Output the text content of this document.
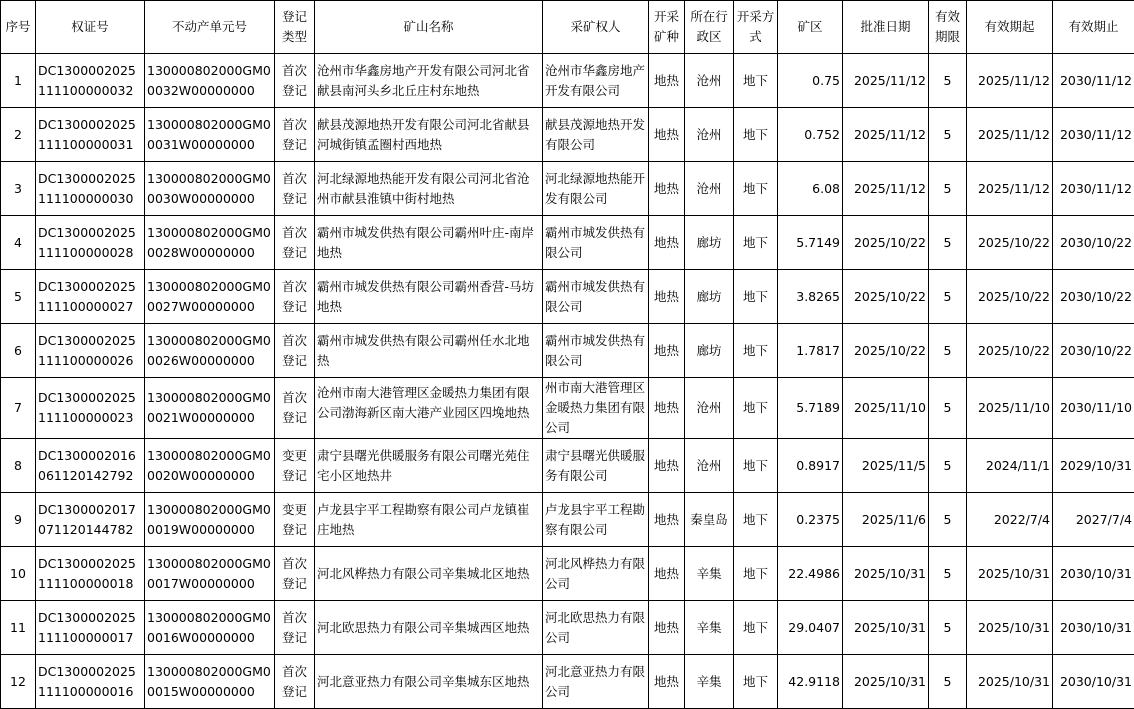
序号	权证号	不动产单元号	登记类型	矿山名称	采矿权人	开采矿种	所在行政区	开采方式	矿区	批准日期	有效期限	有效期起	有效期止
1	DC1300002025111100000032	130000802000GM00032W00000000	首次登记	沧州市华鑫房地产开发有限公司河北省献县南河头乡北丘庄村东地热	沧州市华鑫房地产开发有限公司	地热	沧州	地下	0.75	2025/11/12	5	2025/11/12	2030/11/12
2	DC1300002025111100000031	130000802000GM00031W00000000	首次登记	献县茂源地热开发有限公司河北省献县河城街镇孟圈村西地热	献县茂源地热开发有限公司	地热	沧州	地下	0.752	2025/11/12	5	2025/11/12	2030/11/12
3	DC1300002025111100000030	130000802000GM00030W00000000	首次登记	河北绿源地热能开发有限公司河北省沧州市献县淮镇中街村地热	河北绿源地热能开发有限公司	地热	沧州	地下	6.08	2025/11/12	5	2025/11/12	2030/11/12
4	DC1300002025111100000028	130000802000GM00028W00000000	首次登记	霸州市城发供热有限公司霸州叶庄-南岸地热	霸州市城发供热有限公司	地热	廊坊	地下	5.7149	2025/10/22	5	2025/10/22	2030/10/22
5	DC1300002025111100000027	130000802000GM00027W00000000	首次登记	霸州市城发供热有限公司霸州香营-马坊地热	霸州市城发供热有限公司	地热	廊坊	地下	3.8265	2025/10/22	5	2025/10/22	2030/10/22
6	DC1300002025111100000026	130000802000GM00026W00000000	首次登记	霸州市城发供热有限公司霸州任水北地热	霸州市城发供热有限公司	地热	廊坊	地下	1.7817	2025/10/22	5	2025/10/22	2030/10/22
7	DC1300002025111100000023	130000802000GM00021W00000000	首次登记	沧州市南大港管理区金暖热力集团有限公司渤海新区南大港产业园区四堍地热	州市南大港管理区金暖热力集团有限公司	地热	沧州	地下	5.7189	2025/11/10	5	2025/11/10	2030/11/10
8	DC1300002016061120142792	130000802000GM00020W00000000	变更登记	肃宁县曙光供暖服务有限公司曙光苑住宅小区地热井	肃宁县曙光供暖服务有限公司	地热	沧州	地下	0.8917	2025/11/5	5	2024/11/1	2029/10/31
9	DC1300002017071120144782	130000802000GM00019W00000000	变更登记	卢龙县宇平工程勘察有限公司卢龙镇崔庄地热	卢龙县宇平工程勘察有限公司	地热	秦皇岛	地下	0.2375	2025/11/6	5	2022/7/4	2027/7/4
10	DC1300002025111100000018	130000802000GM00017W00000000	首次登记	河北风桦热力有限公司辛集城北区地热	河北风桦热力有限公司	地热	辛集	地下	22.4986	2025/10/31	5	2025/10/31	2030/10/31
11	DC1300002025111100000017	130000802000GM00016W00000000	首次登记	河北欧思热力有限公司辛集城西区地热	河北欧思热力有限公司	地热	辛集	地下	29.0407	2025/10/31	5	2025/10/31	2030/10/31
12	DC1300002025111100000016	130000802000GM00015W00000000	首次登记	河北意亚热力有限公司辛集城东区地热	河北意亚热力有限公司	地热	辛集	地下	42.9118	2025/10/31	5	2025/10/31	2030/10/31
